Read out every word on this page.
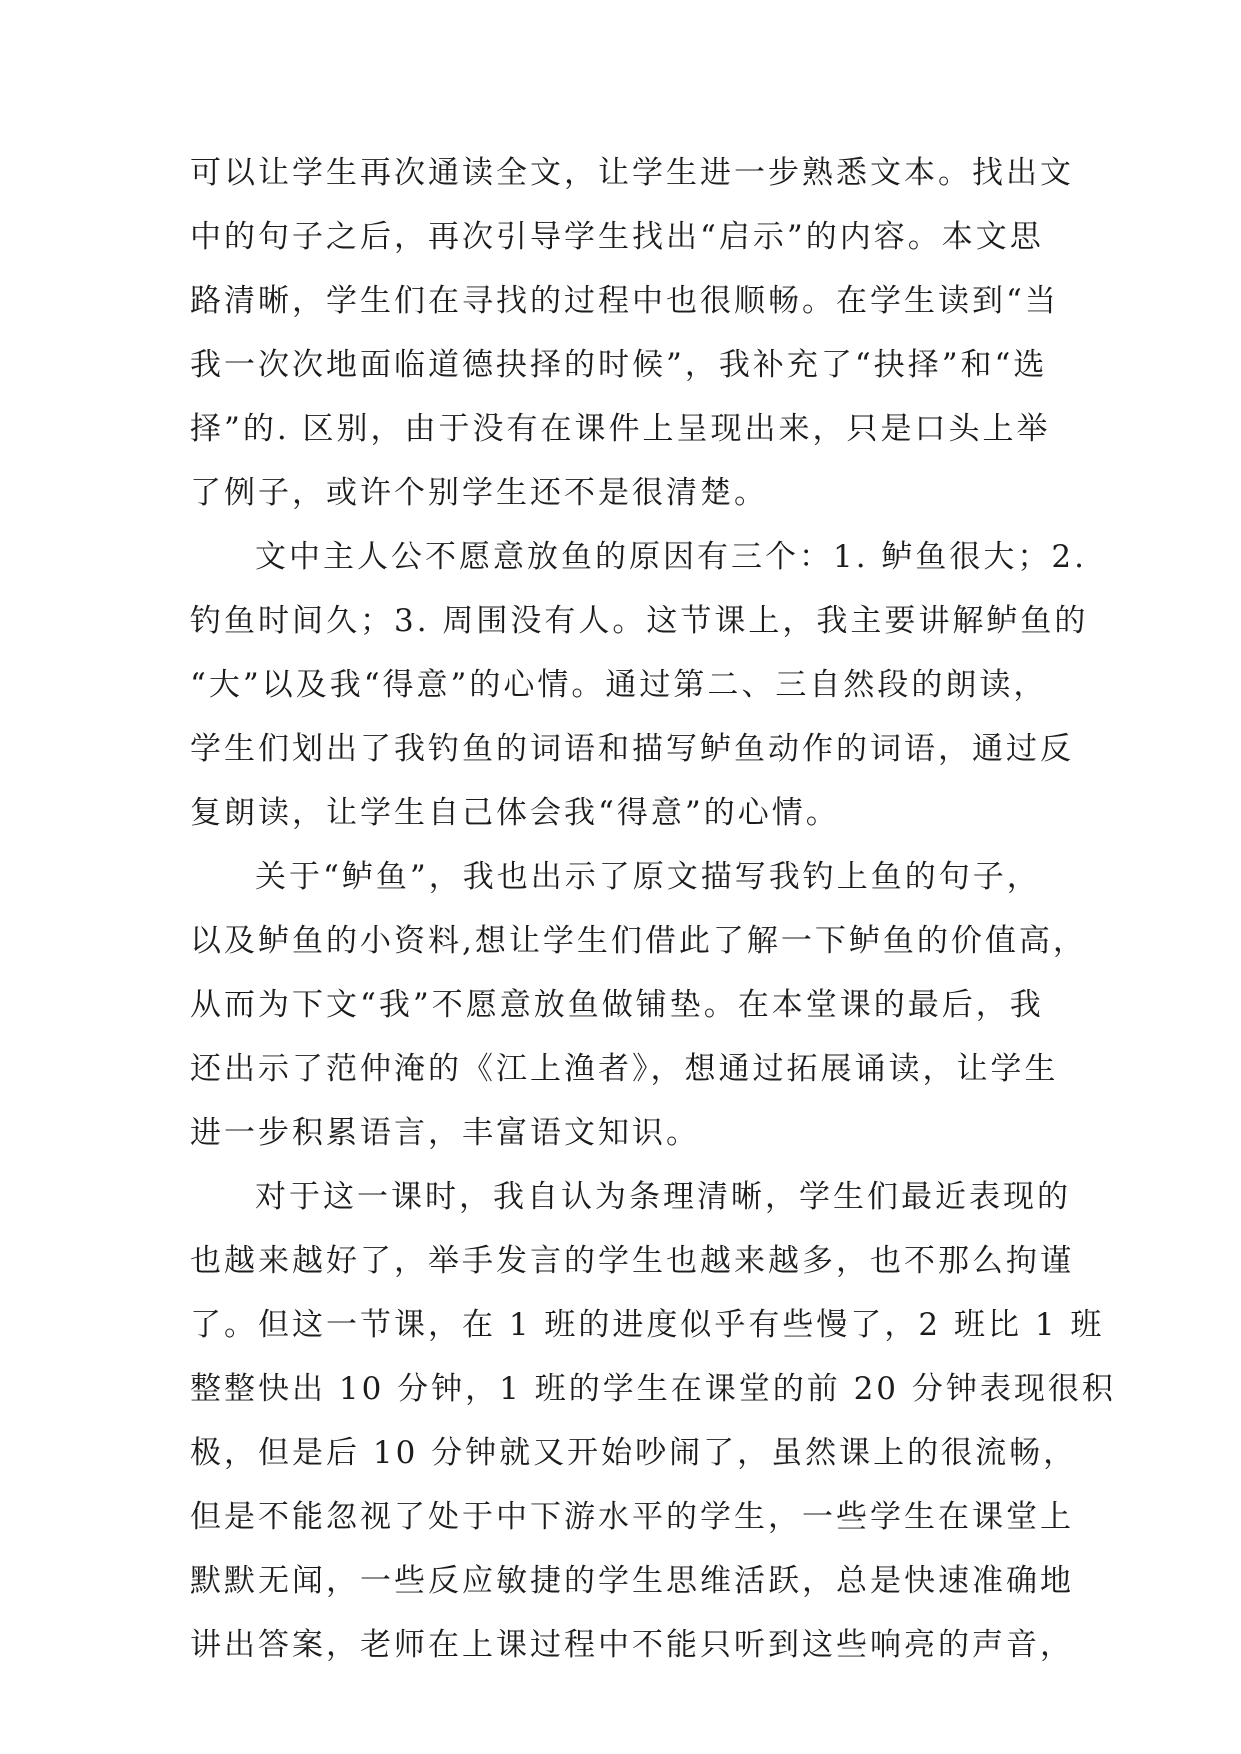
可以让学生再次通读全文，让学生进一步熟悉文本。找出文
中的句子之后，再次引导学生找出“启示”的内容。本文思
路清晰，学生们在寻找的过程中也很顺畅。在学生读到“当
我一次次地面临道德抉择的时候”，我补充了“抉择”和“选
择”的. 区别，由于没有在课件上呈现出来，只是口头上举
了例子，或许个别学生还不是很清楚。
文中主人公不愿意放鱼的原因有三个：1. 鲈鱼很大；2.
钓鱼时间久；3. 周围没有人。这节课上，我主要讲解鲈鱼的
“大”以及我“得意”的心情。通过第二、三自然段的朗读，
学生们划出了我钓鱼的词语和描写鲈鱼动作的词语，通过反
复朗读，让学生自己体会我“得意”的心情。
关于“鲈鱼”，我也出示了原文描写我钓上鱼的句子，
以及鲈鱼的小资料,想让学生们借此了解一下鲈鱼的价值高，
从而为下文“我”不愿意放鱼做铺垫。在本堂课的最后，我
还出示了范仲淹的《江上渔者》，想通过拓展诵读，让学生
进一步积累语言，丰富语文知识。
对于这一课时，我自认为条理清晰，学生们最近表现的
也越来越好了，举手发言的学生也越来越多，也不那么拘谨
了。但这一节课，在 1 班的进度似乎有些慢了，2 班比 1 班
整整快出 10 分钟，1 班的学生在课堂的前 20 分钟表现很积
极，但是后 10 分钟就又开始吵闹了，虽然课上的很流畅，
但是不能忽视了处于中下游水平的学生，一些学生在课堂上
默默无闻，一些反应敏捷的学生思维活跃，总是快速准确地
讲出答案，老师在上课过程中不能只听到这些响亮的声音，
